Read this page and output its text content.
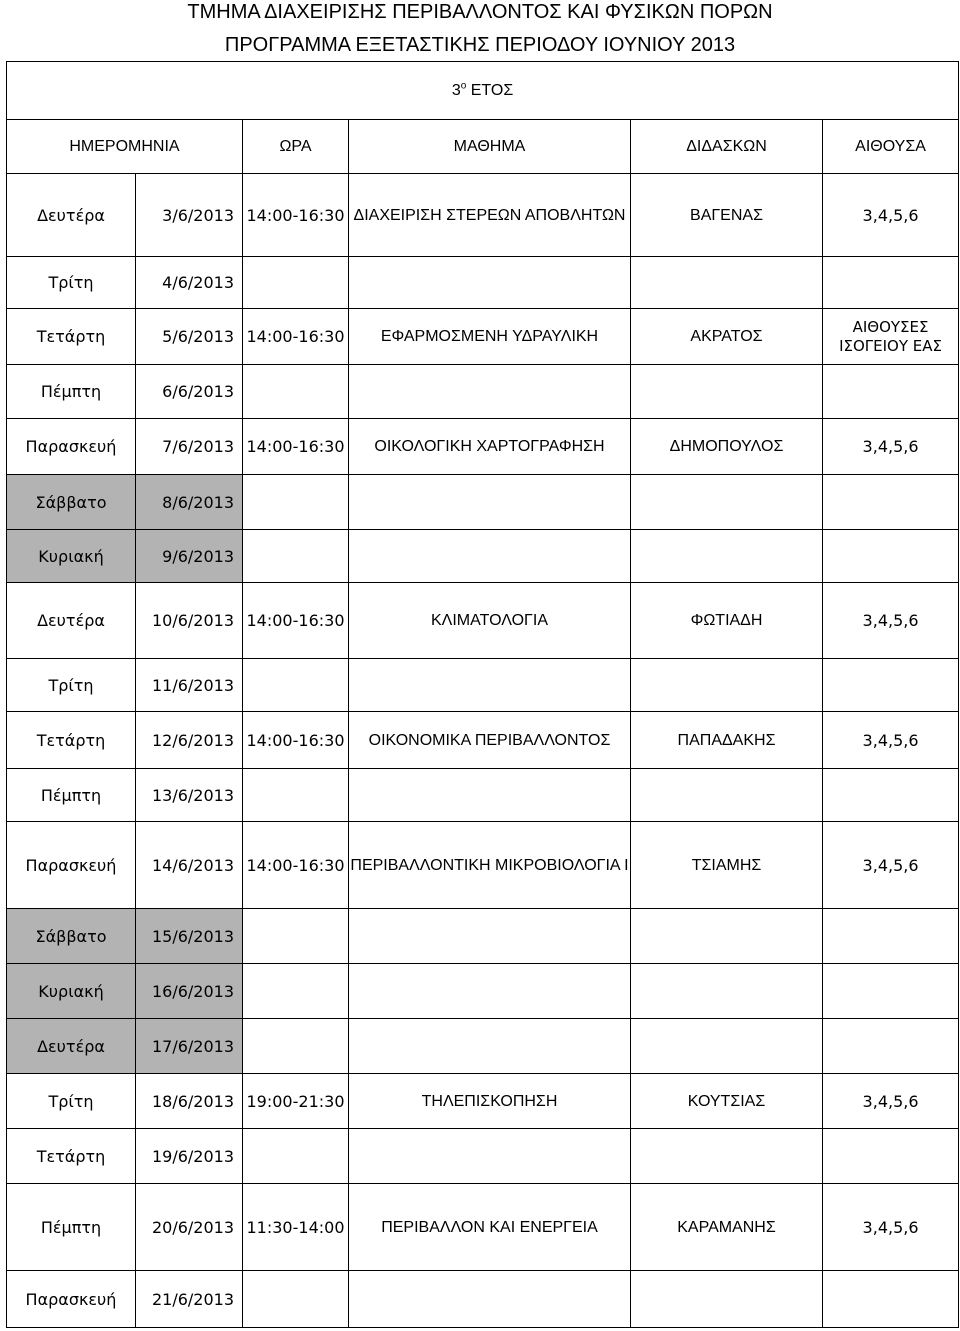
ΤΜΗΜΑ ΔΙΑΧΕΙΡΙΣΗΣ ΠΕΡΙΒΑΛΛΟΝΤΟΣ ΚΑΙ ΦΥΣΙΚΩΝ ΠΟΡΩΝ
ΠΡΟΓΡΑΜΜΑ ΕΞΕΤΑΣΤΙΚΗΣ ΠΕΡΙΟΔΟΥ ΙΟΥΝΙΟΥ 2013
$3^o$ ΕΤΟΣ					
ΗΜΕΡΟΜΗΝΙΑ		ΩΡΑ	ΜΑΘΗΜΑ	ΔΙΔΑΣΚΩΝ	ΑΙΘΟΥΣΑ
Δευτέρα	3/6/2013	14:00-16:30	ΔΙΑΧΕΙΡΙΣΗ ΣΤΕΡΕΩΝ ΑΠΟΒΛΗΤΩΝ	ΒΑΓΕΝΑΣ	3,4,5,6
Τρίτη	4/6/2013				
Τετάρτη	5/6/2013	14:00-16:30	ΕΦΑΡΜΟΣΜΕΝΗ ΥΔΡΑΥΛΙΚΗ	ΑΚΡΑΤΟΣ	ΑΙΘΟΥΣΕΣ
ΙΣΟΓΕΙΟΥ ΕΑΣ

Πέμπτη	6/6/2013				
Παρασκευή	7/6/2013	14:00-16:30	ΟΙΚΟΛΟΓΙΚΗ ΧΑΡΤΟΓΡΑΦΗΣΗ	ΔΗΜΟΠΟΥΛΟΣ	3,4,5,6
Σάββατο	8/6/2013				
Κυριακή	9/6/2013				
Δευτέρα	10/6/2013	14:00-16:30	ΚΛΙΜΑΤΟΛΟΓΙΑ	ΦΩΤΙΑΔΗ	3,4,5,6
Τρίτη	11/6/2013				
Τετάρτη	12/6/2013	14:00-16:30	ΟΙΚΟΝΟΜΙΚΑ ΠΕΡΙΒΑΛΛΟΝΤΟΣ	ΠΑΠΑΔΑΚΗΣ	3,4,5,6
Πέμπτη	13/6/2013				
Παρασκευή	14/6/2013	14:00-16:30	ΠΕΡΙΒΑΛΛΟΝΤΙΚΗ ΜΙΚΡΟΒΙΟΛΟΓΙΑ Ι	ΤΣΙΑΜΗΣ	3,4,5,6
Σάββατο	15/6/2013				
Κυριακή	16/6/2013				
Δευτέρα	17/6/2013				
Τρίτη	18/6/2013	19:00-21:30	ΤΗΛΕΠΙΣΚΟΠΗΣΗ	ΚΟΥΤΣΙΑΣ	3,4,5,6
Τετάρτη	19/6/2013				
Πέμπτη	20/6/2013	11:30-14:00	ΠΕΡΙΒΑΛΛΟΝ ΚΑΙ ΕΝΕΡΓΕΙΑ	ΚΑΡΑΜΑΝΗΣ	3,4,5,6
Παρασκευή	21/6/2013				
